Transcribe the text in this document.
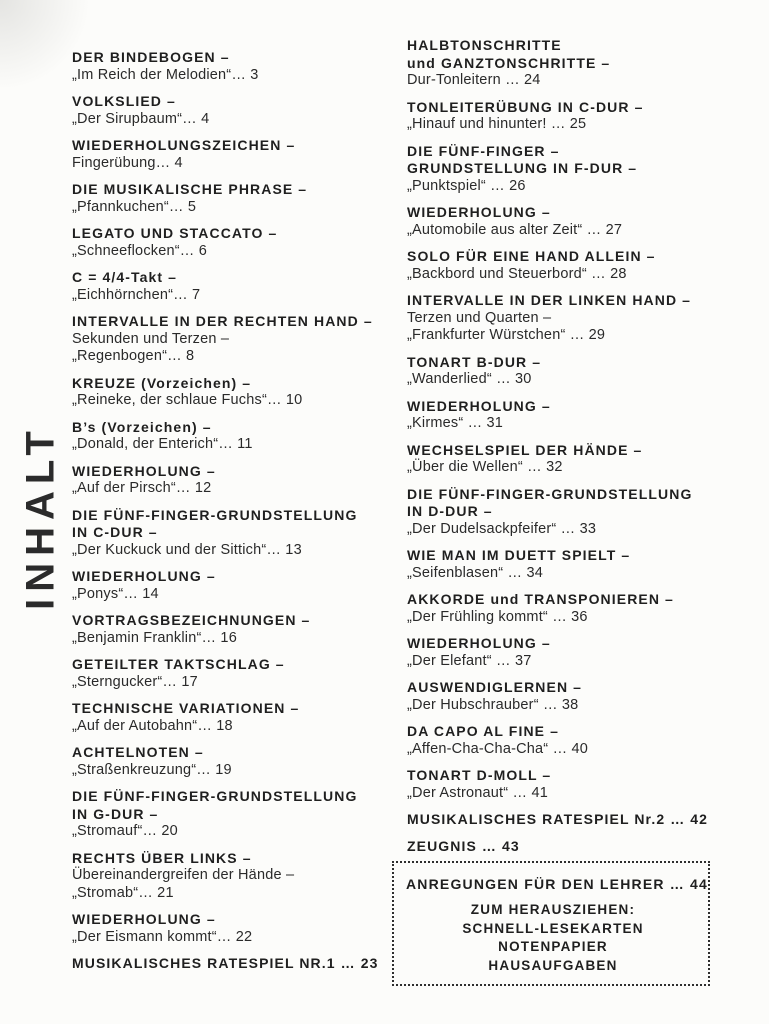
INHALT
DER BINDEBOGEN –
„Im Reich der Melodien“… 3
VOLKSLIED –
„Der Sirupbaum“… 4
WIEDERHOLUNGSZEICHEN –
Fingerübung… 4
DIE MUSIKALISCHE PHRASE –
„Pfannkuchen“… 5
LEGATO UND STACCATO –
„Schneeflocken“… 6
C = 4/4-Takt –
„Eichhörnchen“… 7
INTERVALLE IN DER RECHTEN HAND –
Sekunden und Terzen –
„Regenbogen“… 8
KREUZE (Vorzeichen) –
„Reineke, der schlaue Fuchs“… 10
B’s (Vorzeichen) –
„Donald, der Enterich“… 11
WIEDERHOLUNG –
„Auf der Pirsch“… 12
DIE FÜNF-FINGER-GRUNDSTELLUNG
IN C-DUR –
„Der Kuckuck und der Sittich“… 13
WIEDERHOLUNG –
„Ponys“… 14
VORTRAGSBEZEICHNUNGEN –
„Benjamin Franklin“… 16
GETEILTER TAKTSCHLAG –
„Sterngucker“… 17
TECHNISCHE VARIATIONEN –
„Auf der Autobahn“… 18
ACHTELNOTEN –
„Straßenkreuzung“… 19
DIE FÜNF-FINGER-GRUNDSTELLUNG
IN G-DUR –
„Stromauf“… 20
RECHTS ÜBER LINKS –
Übereinandergreifen der Hände –
„Stromab“… 21
WIEDERHOLUNG –
„Der Eismann kommt“… 22
MUSIKALISCHES RATESPIEL NR.1 … 23
HALBTONSCHRITTE
und GANZTONSCHRITTE –
Dur-Tonleitern … 24
TONLEITERÜBUNG IN C-DUR –
„Hinauf und hinunter! … 25
DIE FÜNF-FINGER –
GRUNDSTELLUNG IN F-DUR –
„Punktspiel“ … 26
WIEDERHOLUNG –
„Automobile aus alter Zeit“ … 27
SOLO FÜR EINE HAND ALLEIN –
„Backbord und Steuerbord“ … 28
INTERVALLE IN DER LINKEN HAND –
Terzen und Quarten –
„Frankfurter Würstchen“ … 29
TONART B-DUR –
„Wanderlied“ … 30
WIEDERHOLUNG –
„Kirmes“ … 31
WECHSELSPIEL DER HÄNDE –
„Über die Wellen“ … 32
DIE FÜNF-FINGER-GRUNDSTELLUNG
IN D-DUR –
„Der Dudelsackpfeifer“ … 33
WIE MAN IM DUETT SPIELT –
„Seifenblasen“ … 34
AKKORDE und TRANSPONIEREN –
„Der Frühling kommt“ … 36
WIEDERHOLUNG –
„Der Elefant“ … 37
AUSWENDIGLERNEN –
„Der Hubschrauber“ … 38
DA CAPO AL FINE –
„Affen-Cha-Cha-Cha“ … 40
TONART D-MOLL –
„Der Astronaut“ … 41
MUSIKALISCHES RATESPIEL Nr.2 … 42
ZEUGNIS … 43
ANREGUNGEN FÜR DEN LEHRER … 44
ZUM HERAUSZIEHEN:
SCHNELL-LESEKARTEN
NOTENPAPIER
HAUSAUFGABEN
